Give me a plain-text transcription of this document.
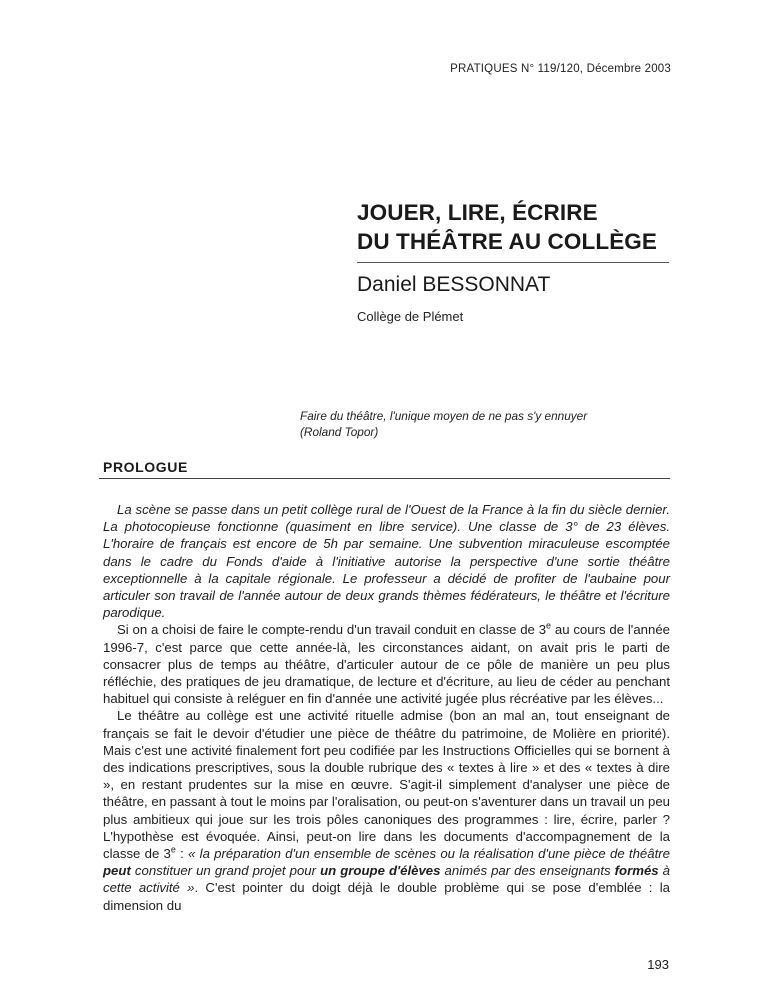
PRATIQUES N° 119/120, Décembre 2003
JOUER, LIRE, ÉCRIRE
DU THÉÂTRE AU COLLÈGE
Daniel BESSONNAT
Collège de Plémet
Faire du théâtre, l'unique moyen de ne pas s'y ennuyer
(Roland Topor)
PROLOGUE

La scène se passe dans un petit collège rural de l'Ouest de la France à la fin du siècle dernier. La photocopieuse fonctionne (quasiment en libre service). Une classe de 3° de 23 élèves. L'horaire de français est encore de 5h par semaine. Une subvention miraculeuse escomptée dans le cadre du Fonds d'aide à l'initiative autorise la perspective d'une sortie théâtre exceptionnelle à la capitale régionale. Le professeur a décidé de profiter de l'aubaine pour articuler son travail de l'année autour de deux grands thèmes fédérateurs, le théâtre et l'écriture parodique.

Si on a choisi de faire le compte-rendu d'un travail conduit en classe de 3e au cours de l'année 1996-7, c'est parce que cette année-là, les circonstances aidant, on avait pris le parti de consacrer plus de temps au théâtre, d'articuler autour de ce pôle de manière un peu plus réfléchie, des pratiques de jeu dramatique, de lecture et d'écriture, au lieu de céder au penchant habituel qui consiste à reléguer en fin d'année une activité jugée plus récréative par les élèves...

Le théâtre au collège est une activité rituelle admise (bon an mal an, tout enseignant de français se fait le devoir d'étudier une pièce de théâtre du patrimoine, de Molière en priorité). Mais c'est une activité finalement fort peu codifiée par les Instructions Officielles qui se bornent à des indications prescriptives, sous la double rubrique des « textes à lire » et des « textes à dire », en restant prudentes sur la mise en œuvre. S'agit-il simplement d'analyser une pièce de théâtre, en passant à tout le moins par l'oralisation, ou peut-on s'aventurer dans un travail un peu plus ambitieux qui joue sur les trois pôles canoniques des programmes : lire, écrire, parler ? L'hypothèse est évoquée. Ainsi, peut-on lire dans les documents d'accompagnement de la classe de 3e : « la préparation d'un ensemble de scènes ou la réalisation d'une pièce de théâtre peut constituer un grand projet pour un groupe d'élèves animés par des enseignants formés à cette activité ». C'est pointer du doigt déjà le double problème qui se pose d'emblée : la dimension du

193
